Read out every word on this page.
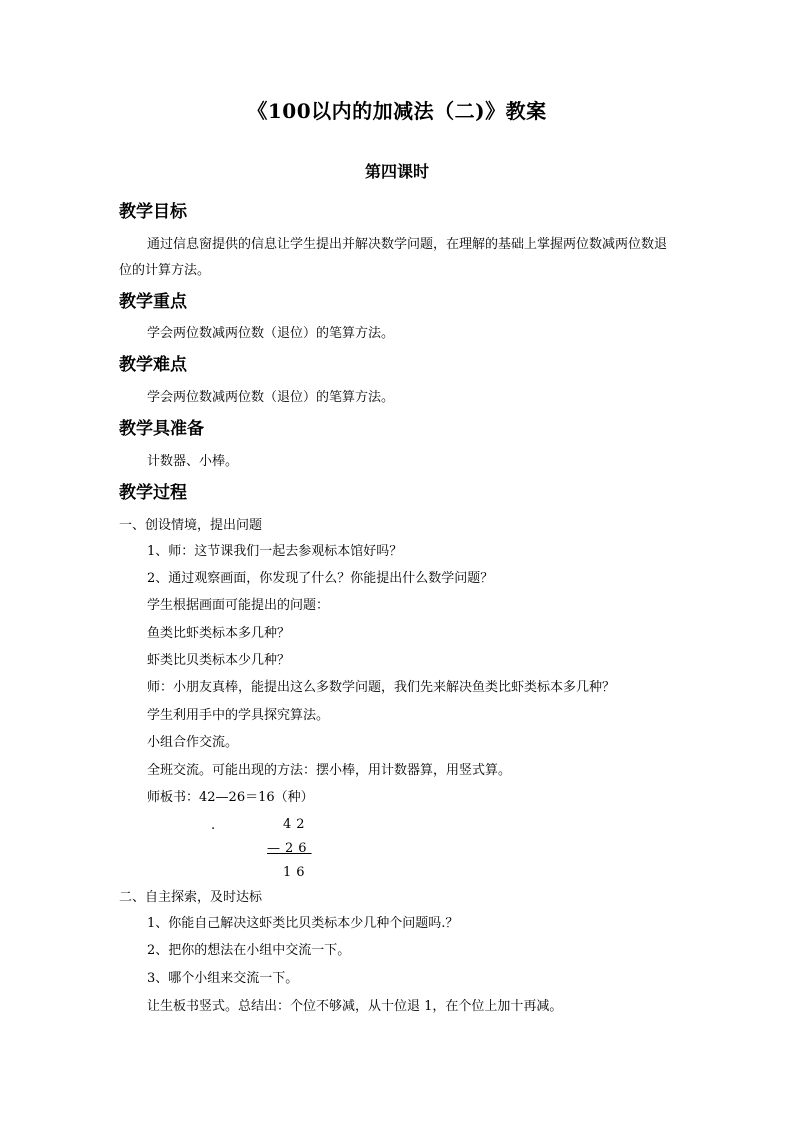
《100以内的加减法（二)》教案
第四课时
教学目标
通过信息窗提供的信息让学生提出并解决数学问题，在理解的基础上掌握两位数减两位数退位的计算方法。
教学重点
学会两位数减两位数（退位）的笔算方法。
教学难点
学会两位数减两位数（退位）的笔算方法。
教学具准备
计数器、小棒。
教学过程
一、创设情境，提出问题
1、师：这节课我们一起去参观标本馆好吗？
2、通过观察画面，你发现了什么？你能提出什么数学问题？
学生根据画面可能提出的问题：
鱼类比虾类标本多几种？
虾类比贝类标本少几种？
师：小朋友真棒，能提出这么多数学问题，我们先来解决鱼类比虾类标本多几种？
学生利用手中的学具探究算法。
小组合作交流。
全班交流。可能出现的方法：摆小棒，用计数器算，用竖式算。
师板书：42—26＝16（种）
.	42
—26
16
二、自主探索，及时达标
1、你能自己解决这虾类比贝类标本少几种个问题吗.？
2、把你的想法在小组中交流一下。
3、哪个小组来交流一下。
让生板书竖式。总结出：个位不够减，从十位退 1，在个位上加十再减。
